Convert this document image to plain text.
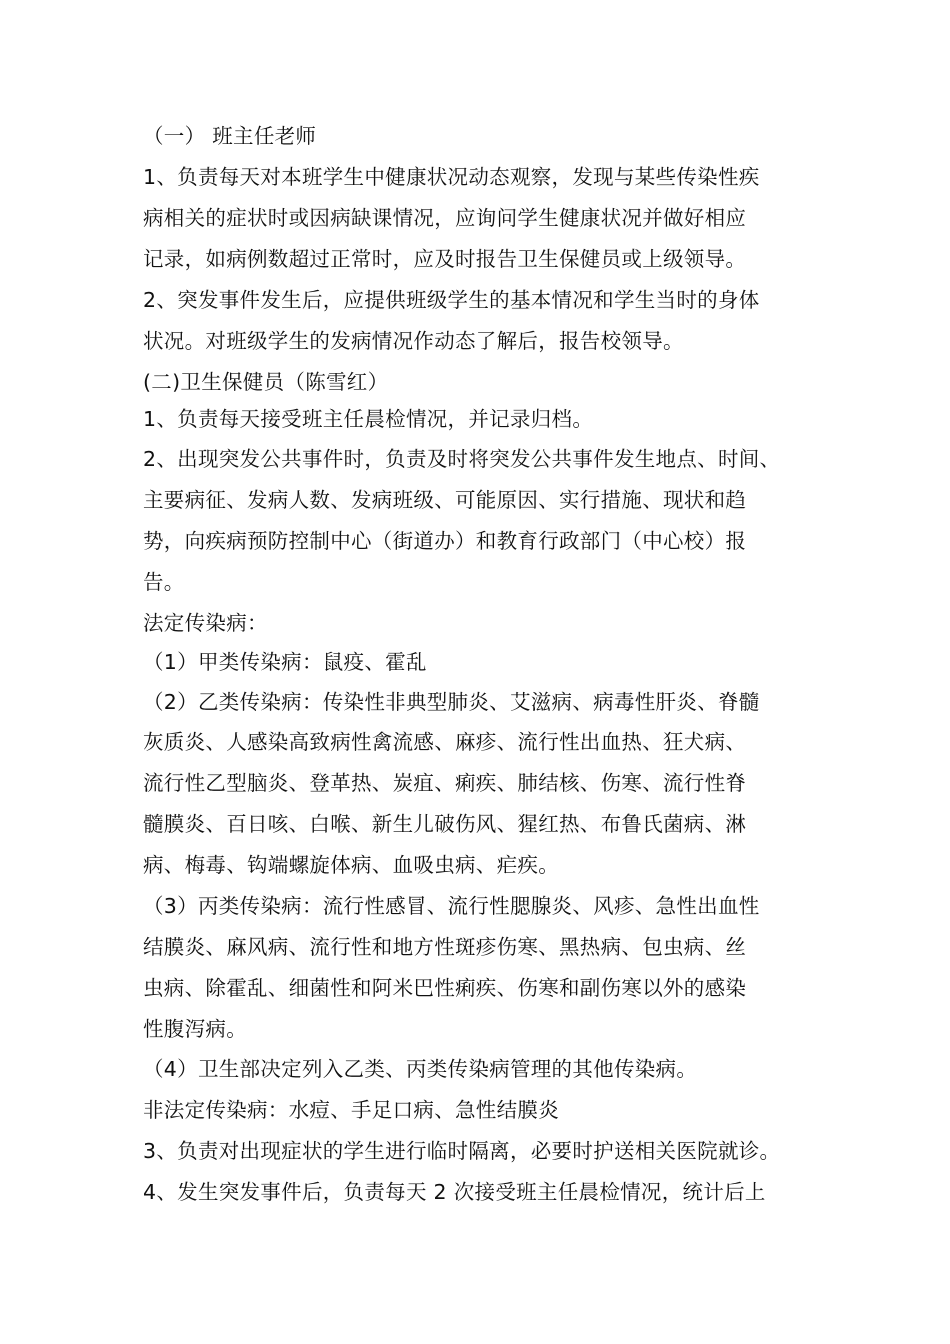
（一） 班主任老师
1、负责每天对本班学生中健康状况动态观察，发现与某些传染性疾
病相关的症状时或因病缺课情况，应询问学生健康状况并做好相应
记录，如病例数超过正常时，应及时报告卫生保健员或上级领导。
2、突发事件发生后，应提供班级学生的基本情况和学生当时的身体
状况。对班级学生的发病情况作动态了解后，报告校领导。
(二)卫生保健员（陈雪红）
1、负责每天接受班主任晨检情况，并记录归档。
2、出现突发公共事件时，负责及时将突发公共事件发生地点、时间、
主要病征、发病人数、发病班级、可能原因、实行措施、现状和趋
势，向疾病预防控制中心（街道办）和教育行政部门（中心校）报
告。
法定传染病：
（1）甲类传染病：鼠疫、霍乱
（2）乙类传染病：传染性非典型肺炎、艾滋病、病毒性肝炎、脊髓
灰质炎、人感染高致病性禽流感、麻疹、流行性出血热、狂犬病、
流行性乙型脑炎、登革热、炭疽、痢疾、肺结核、伤寒、流行性脊
髓膜炎、百日咳、白喉、新生儿破伤风、猩红热、布鲁氏菌病、淋
病、梅毒、钩端螺旋体病、血吸虫病、疟疾。
（3）丙类传染病：流行性感冒、流行性腮腺炎、风疹、急性出血性
结膜炎、麻风病、流行性和地方性斑疹伤寒、黑热病、包虫病、丝
虫病、除霍乱、细菌性和阿米巴性痢疾、伤寒和副伤寒以外的感染
性腹泻病。
（4）卫生部决定列入乙类、丙类传染病管理的其他传染病。
非法定传染病：水痘、手足口病、急性结膜炎
3、负责对出现症状的学生进行临时隔离，必要时护送相关医院就诊。
4、发生突发事件后，负责每天 2 次接受班主任晨检情况，统计后上
